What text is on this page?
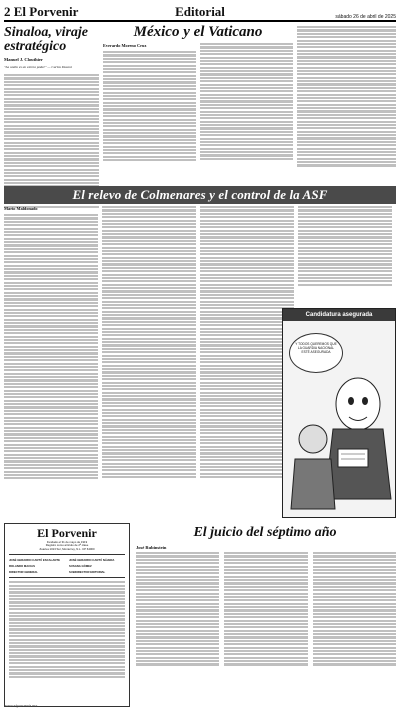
2 El Porvenir	Editorial	sábado 26 de abril de 2025
Sinaloa, viraje estratégico
Manuel J. Clouthier
"La unión es un eterno poder" — Carlos Dusoni
México y el Vaticano
Everardo Moreno Cruz
El relevo de Colmenares y el control de la ASF
Mario Maldonado
Candidatura asegurada
Y TODOS QUEREMOS QUE LA GUARDIA NACIONAL ESTÉ ASEGURADA
El Porvenir
Fundado el 31 de mayo de 1919
Registro como artículo de 2ª clase
Zuazua 1013 Sur, Monterrey, N.L. CP 64000
JOSÉ GERARDO CANTÚ ESCALANTE	JOSÉ GERARDO CANTÚ NÁJERA
ROLANDO MACIAS	SUSANA GÓMEZ
DIRECTOR GENERAL	SUBDIRECTOR EDITORIAL
El juicio del séptimo año
José Rubinstein
www.elporvenir.mx
